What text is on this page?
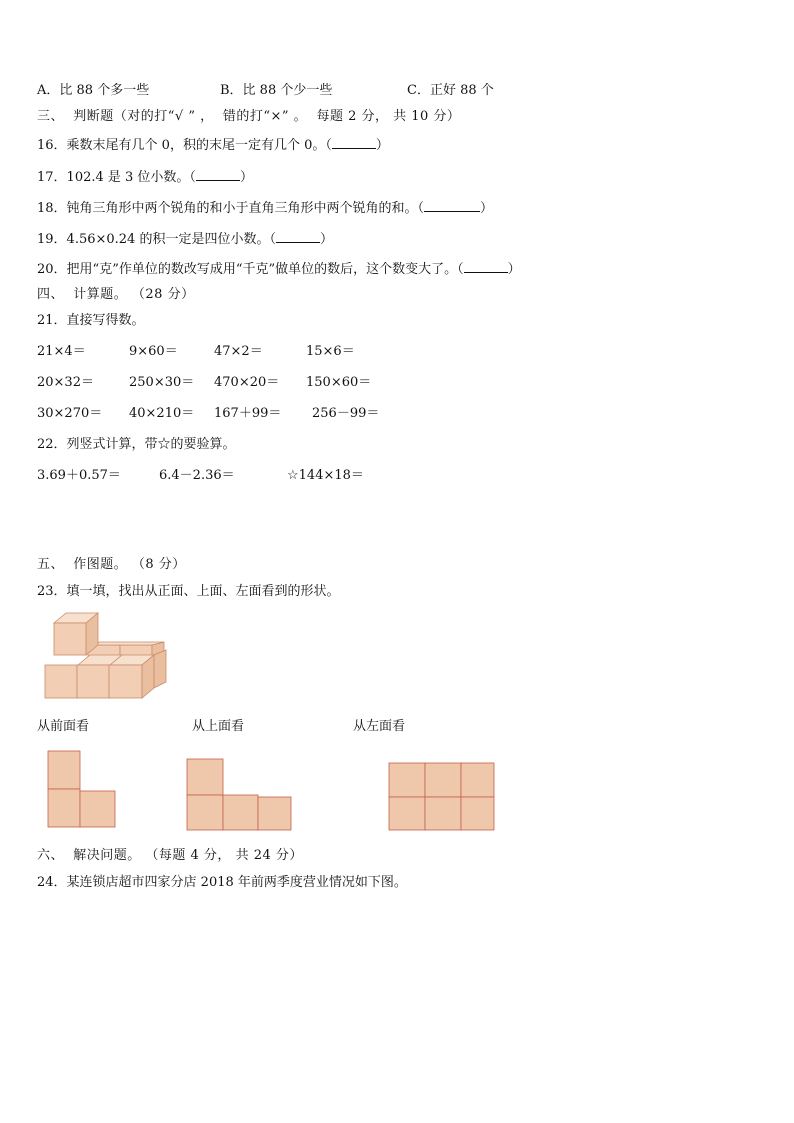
A．比 88 个多一些	B．比 88 个少一些	C．正好 88 个
三、  判断题（对的打“√ ” ，  错的打“×” 。  每题 2 分， 共 10 分）
16．乘数末尾有几个 0，积的末尾一定有几个 0。（	）
17．102.4 是 3 位小数。（	）
18．钝角三角形中两个锐角的和小于直角三角形中两个锐角的和。（	）
19．4.56×0.24 的积一定是四位小数。（	）
20．把用“克”作单位的数改写成用“千克”做单位的数后，这个数变大了。（	）
四、  计算题。 （28 分）
21．直接写得数。
21×4＝	9×60＝	47×2＝	15×6＝
20×32＝	250×30＝ 470×20＝ 150×60＝
30×270＝ 40×210＝ 167＋99＝ 256－99＝
22．列竖式计算，带☆的要验算。
3.69＋0.57＝	6.4－2.36＝	☆144×18＝
五、  作图题。 （8 分）
23．填一填，找出从正面、上面、左面看到的形状。
从前面看	从上面看	从左面看
六、  解决问题。 （每题 4 分， 共 24 分）
24．某连锁店超市四家分店 2018 年前两季度营业情况如下图。
